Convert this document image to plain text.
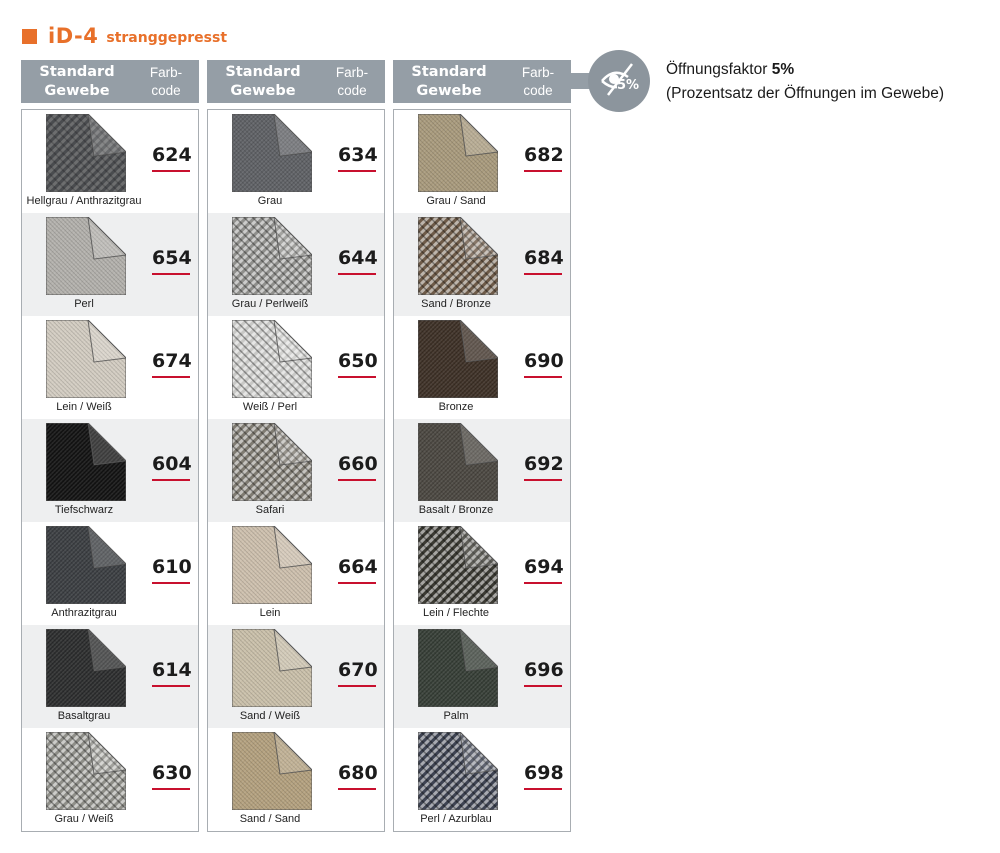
iD-4 stranggepresst
Standard
Gewebe
Farb-
code
624
Hellgrau / Anthrazitgrau
654
Perl
674
Lein / Weiß
604
Tiefschwarz
610
Anthrazitgrau
614
Basaltgrau
630
Grau / Weiß
Standard
Gewebe
Farb-
code
634
Grau
644
Grau / Perlweiß
650
Weiß / Perl
660
Safari
664
Lein
670
Sand / Weiß
680
Sand / Sand
Standard
Gewebe
Farb-
code
682
Grau / Sand
684
Sand / Bronze
690
Bronze
692
Basalt / Bronze
694
Lein / Flechte
696
Palm
698
Perl / Azurblau
5%
Öffnungsfaktor 5%
(Prozentsatz der Öffnungen im Gewebe)
